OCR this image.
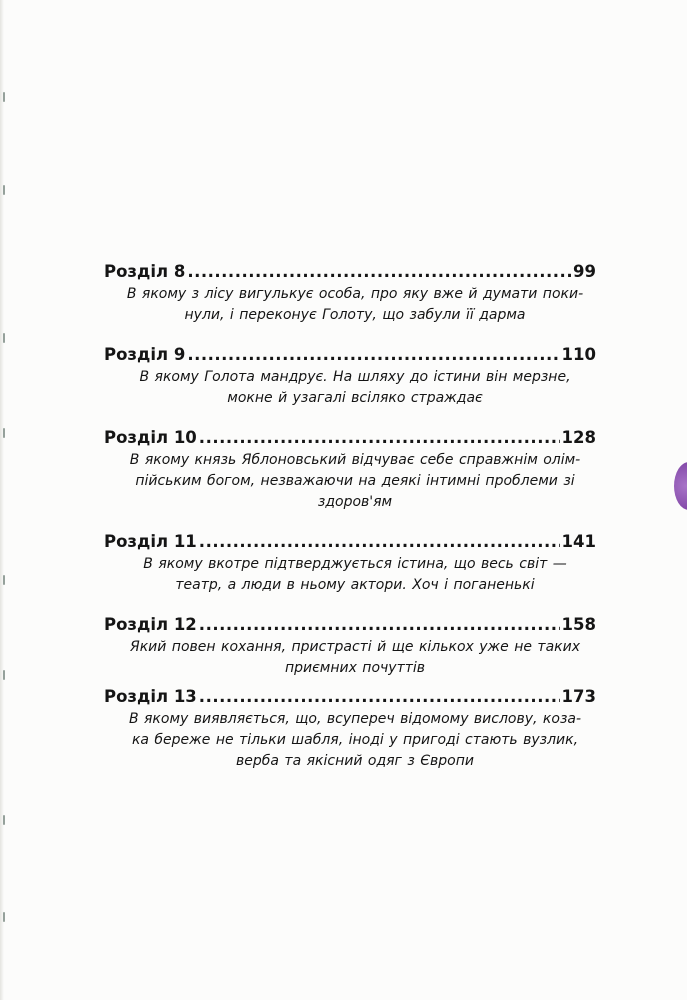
Розділ 8 .....	99
В якому з лісу вигулькує особа, про яку вже й думати поки-
нули, і переконує Голоту, що забули її дарма
Розділ 9 .....	110
В якому Голота мандрує. На шляху до істини він мерзне,
мокне й узагалі всіляко страждає
Розділ 10 .....	128
В якому князь Яблоновський відчуває себе справжнім олім-
пійським богом, незважаючи на деякі інтимні проблеми зі
здоров'ям
Розділ 11 .....	141
В якому вкотре підтверджується істина, що весь світ —
театр, а люди в ньому актори. Хоч і поганенькі
Розділ 12 .....	158
Який повен кохання, пристрасті й ще кількох уже не таких
приємних почуттів
Розділ 13 .....	173
В якому виявляється, що, всупереч відомому вислову, коза-
ка береже не тільки шабля, іноді у пригоді стають вузлик,
верба та якісний одяг з Європи
